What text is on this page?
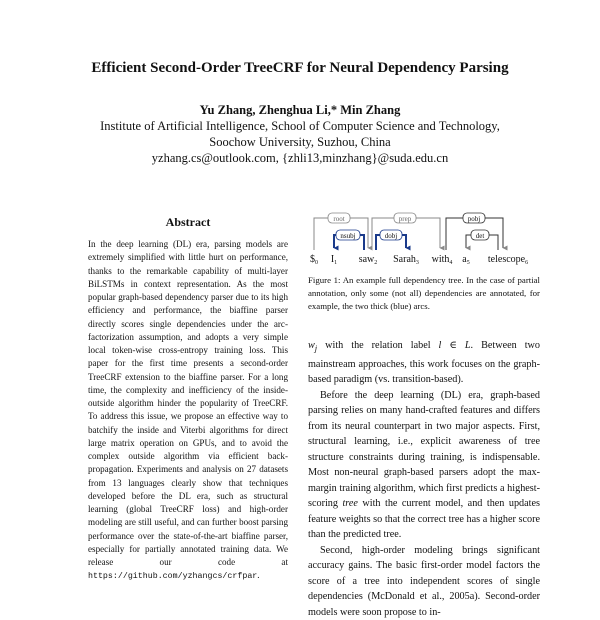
Efficient Second-Order TreeCRF for Neural Dependency Parsing
Yu Zhang, Zhenghua Li,* Min Zhang
Institute of Artificial Intelligence, School of Computer Science and Technology,
Soochow University, Suzhou, China
yzhang.cs@outlook.com, {zhli13,minzhang}@suda.edu.cn
Abstract
In the deep learning (DL) era, parsing models are extremely simplified with little hurt on performance, thanks to the remarkable capability of multi-layer BiLSTMs in context representation. As the most popular graph-based dependency parser due to its high efficiency and performance, the biaffine parser directly scores single dependencies under the arc-factorization assumption, and adopts a very simple local token-wise cross-entropy training loss. This paper for the first time presents a second-order TreeCRF extension to the biaffine parser. For a long time, the complexity and inefficiency of the inside-outside algorithm hinder the popularity of TreeCRF. To address this issue, we propose an effective way to batchify the inside and Viterbi algorithms for direct large matrix operation on GPUs, and to avoid the complex outside algorithm via efficient back-propagation. Experiments and analysis on 27 datasets from 13 languages clearly show that techniques developed before the DL era, such as structural learning (global TreeCRF loss) and high-order modeling are still useful, and can further boost parsing performance over the state-of-the-art biaffine parser, especially for partially annotated training data. We release our code at https://github.com/yzhangcs/crfpar.
root
nsubj
prep
dobj
pobj
det
$\$_0$ $I_1$ saw$_2$ Sarah$_3$ with$_4$ $a_5$ telescope$_6$
Figure 1: An example full dependency tree. In the case of partial annotation, only some (not all) dependencies are annotated, for example, the two thick (blue) arcs.

$w_j$ with the relation label l ∈ L. Between two mainstream approaches, this work focuses on the graph-based paradigm (vs. transition-based).

Before the deep learning (DL) era, graph-based parsing relies on many hand-crafted features and differs from its neural counterpart in two major aspects. First, structural learning, i.e., explicit awareness of tree structure constraints during training, is indispensable. Most non-neural graph-based parsers adopt the max-margin training algorithm, which first predicts a highest-scoring tree with the current model, and then updates feature weights so that the correct tree has a higher score than the predicted tree.

Second, high-order modeling brings significant accuracy gains. The basic first-order model factors the score of a tree into independent scores of single dependencies (McDonald et al., 2005a). Second-order models were soon propose to in-
